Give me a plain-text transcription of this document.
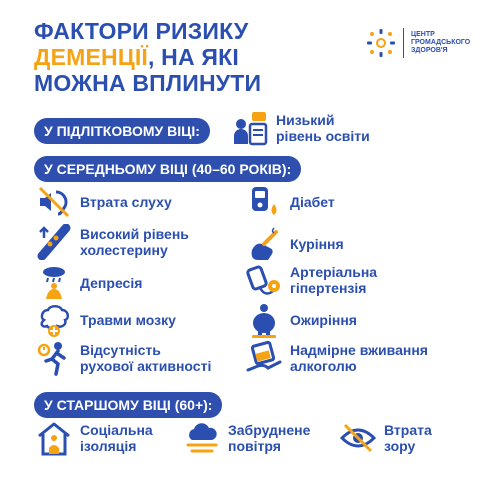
ФАКТОРИ РИЗИКУ
ДЕМЕНЦІЇ, НА ЯКІ
МОЖНА ВПЛИНУТИ
ЦЕНТР ГРОМАДСЬКОГО ЗДОРОВ'Я
У ПІДЛІТКОВОМУ ВІЦІ:
Низький
рівень освіти
У СЕРЕДНЬОМУ ВІЦІ (40–60 РОКІВ):
Втрата слуху
Високий рівень
холестерину
Депресія
Травми мозку
Відсутність
рухової активності
Діабет
Куріння
Артеріальна
гіпертензія
Ожиріння
Надмірне вживання
алкоголю
У СТАРШОМУ ВІЦІ (60+):
Соціальна
ізоляція
Забруднене
повітря
Втрата
зору
